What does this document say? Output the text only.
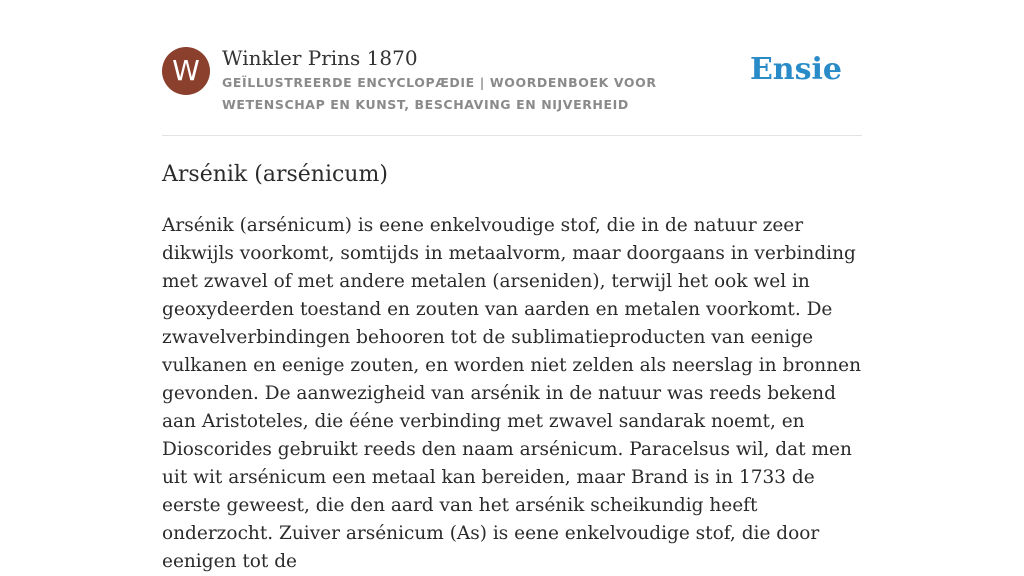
W	Winkler Prins 1870
GEÏLLUSTREERDE ENCYCLOPÆDIE | WOORDENBOEK VOOR WETENSCHAP EN KUNST, BESCHAVING EN NIJVERHEID
Ensie
Arsénik (arsénicum)

Arsénik (arsénicum) is eene enkelvoudige stof, die in de natuur zeer dikwijls voorkomt, somtijds in metaalvorm, maar doorgaans in verbinding met zwavel of met andere metalen (arseniden), terwijl het ook wel in geoxydeerden toestand en zouten van aarden en metalen voorkomt. De zwavelverbindingen behooren tot de sublimatieproducten van eenige vulkanen en eenige zouten, en worden niet zelden als neerslag in bronnen gevonden. De aanwezigheid van arsénik in de natuur was reeds bekend aan Aristoteles, die ééne verbinding met zwavel sandarak noemt, en Dioscorides gebruikt reeds den naam arsénicum. Paracelsus wil, dat men uit wit arsénicum een metaal kan bereiden, maar Brand is in 1733 de eerste geweest, die den aard van het arsénik scheikundig heeft onderzocht. Zuiver arsénicum (As) is eene enkelvoudige stof, die door eenigen tot de
